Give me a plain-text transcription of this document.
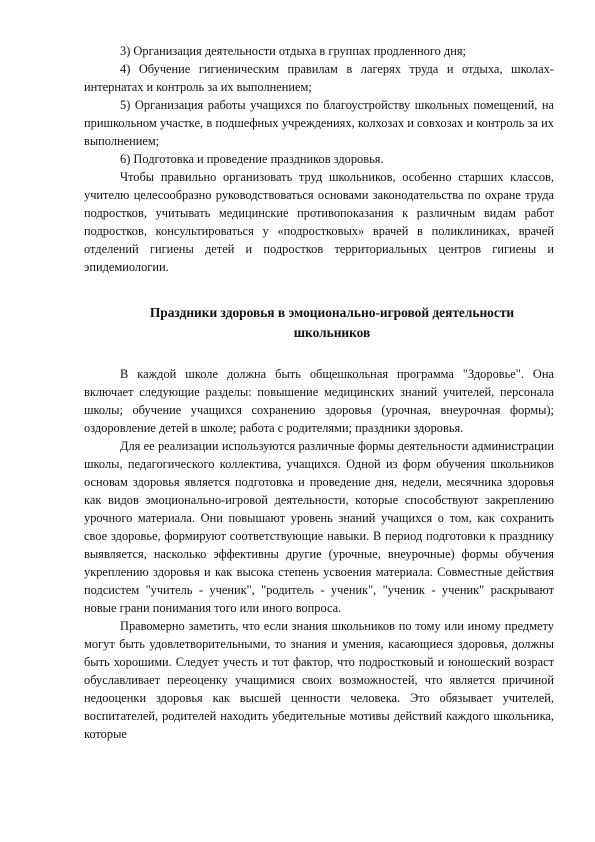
3) Организация деятельности отдыха в группах продленного дня;

4) Обучение гигиеническим правилам в лагерях труда и отдыха, школах-интернатах и контроль за их выполнением;

5) Организация работы учащихся по благоустройству школьных помещений, на пришкольном участке, в подшефных учреждениях, колхозах и совхозах и контроль за их выполнением;

6) Подготовка и проведение праздников здоровья.

Чтобы правильно организовать труд школьников, особенно старших классов, учителю целесообразно руководствоваться основами законодательства по охране труда подростков, учитывать медицинские противопоказания к различным видам работ подростков, консультироваться у «подростковых» врачей в поликлиниках, врачей отделений гигиены детей и подростков территориальных центров гигиены и эпидемиологии.

Праздники здоровья в эмоционально-игровой деятельности школьников

В каждой школе должна быть общешкольная программа "Здоровье". Она включает следующие разделы: повышение медицинских знаний учителей, персонала школы; обучение учащихся сохранению здоровья (урочная, внеурочная формы); оздоровление детей в школе; работа с родителями; праздники здоровья.

Для ее реализации используются различные формы деятельности администрации школы, педагогического коллектива, учащихся. Одной из форм обучения школьников основам здоровья является подготовка и проведение дня, недели, месячника здоровья как видов эмоционально-игровой деятельности, которые способствуют закреплению урочного материала. Они повышают уровень знаний учащихся о том, как сохранить свое здоровье, формируют соответствующие навыки. В период подготовки к празднику выявляется, насколько эффективны другие (урочные, внеурочные) формы обучения укреплению здоровья и как высока степень усвоения материала. Совместные действия подсистем "учитель - ученик", "родитель - ученик", "ученик - ученик" раскрывают новые грани понимания того или иного вопроса.

Правомерно заметить, что если знания школьников по тому или иному предмету могут быть удовлетворительными, то знания и умения, касающиеся здоровья, должны быть хорошими. Следует учесть и тот фактор, что подростковый и юношеский возраст обуславливает переоценку учащимися своих возможностей, что является причиной недооценки здоровья как высшей ценности человека. Это обязывает учителей, воспитателей, родителей находить убедительные мотивы действий каждого школьника, которые
